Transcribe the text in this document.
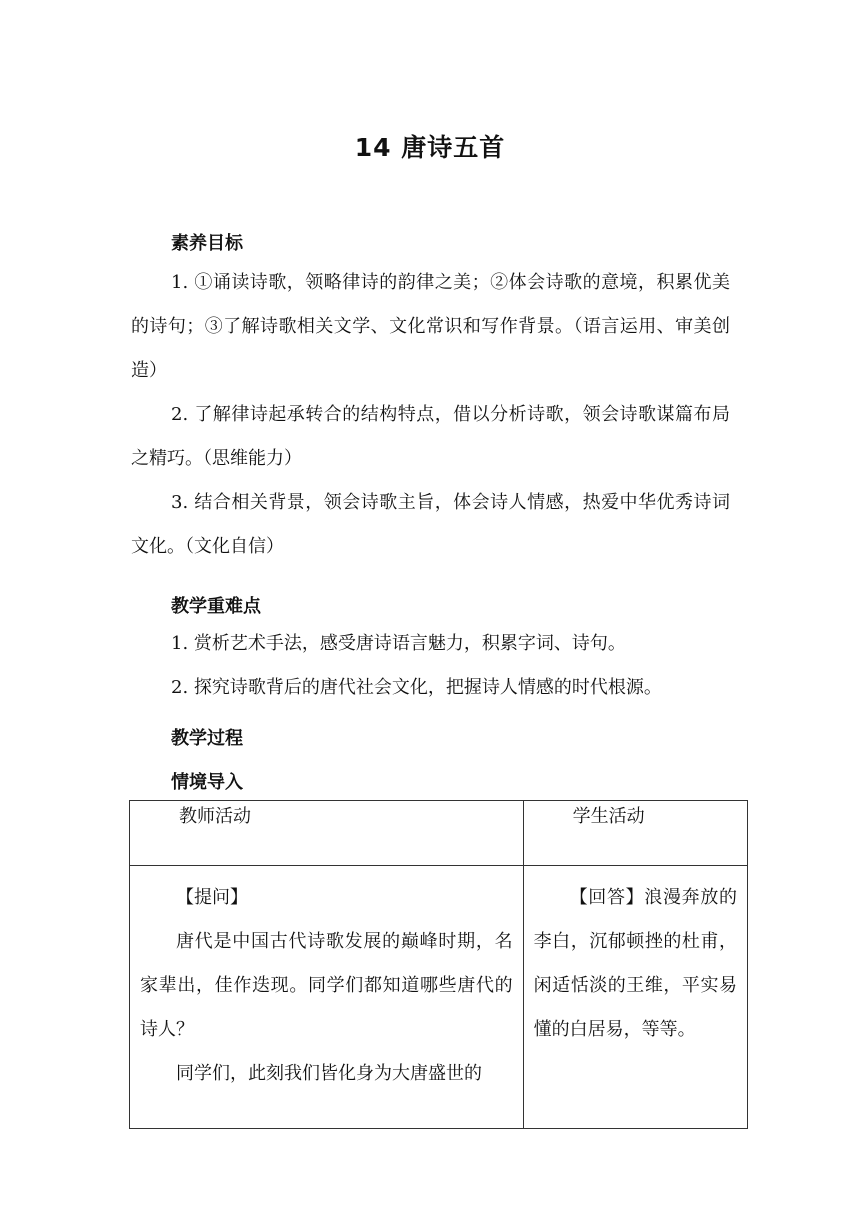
14 唐诗五首
素养目标
1. ①诵读诗歌，领略律诗的韵律之美；②体会诗歌的意境，积累优美的诗句；③了解诗歌相关文学、文化常识和写作背景。（语言运用、审美创造）
2. 了解律诗起承转合的结构特点，借以分析诗歌，领会诗歌谋篇布局之精巧。（思维能力）
3. 结合相关背景，领会诗歌主旨，体会诗人情感，热爱中华优秀诗词文化。（文化自信）
教学重难点
1. 赏析艺术手法，感受唐诗语言魅力，积累字词、诗句。
2. 探究诗歌背后的唐代社会文化，把握诗人情感的时代根源。
教学过程
情境导入
教师活动	学生活动

【提问】
唐代是中国古代诗歌发展的巅峰时期，名家辈出，佳作迭现。同学们都知道哪些唐代的诗人？
同学们，此刻我们皆化身为大唐盛世的	【回答】浪漫奔放的李白，沉郁顿挫的杜甫，闲适恬淡的王维，平实易懂的白居易，等等。
